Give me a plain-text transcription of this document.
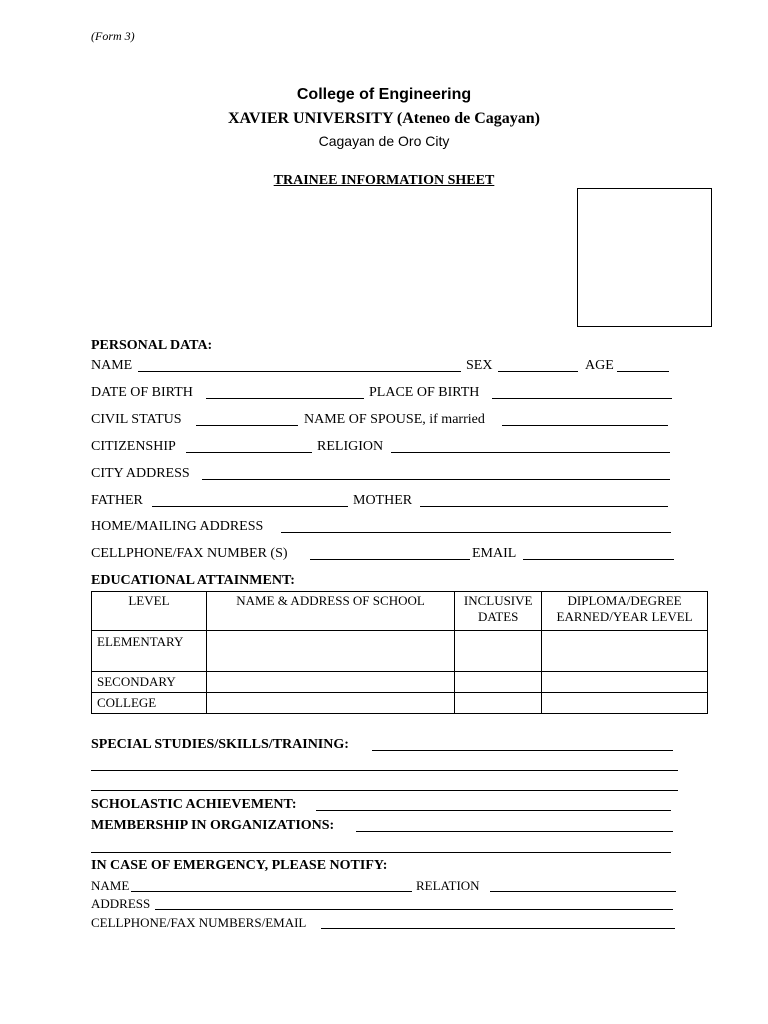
(Form 3)
College of Engineering
XAVIER UNIVERSITY (Ateneo de Cagayan)
Cagayan de Oro City
TRAINEE INFORMATION SHEET
PERSONAL DATA:
NAME	SEX	AGE
DATE OF BIRTH	PLACE OF BIRTH
CIVIL STATUS	NAME OF SPOUSE, if married
CITIZENSHIP	RELIGION
CITY ADDRESS
FATHER	MOTHER
HOME/MAILING ADDRESS
CELLPHONE/FAX NUMBER (S)	EMAIL
EDUCATIONAL ATTAINMENT:
LEVEL	NAME & ADDRESS OF SCHOOL	INCLUSIVE DATES	DIPLOMA/DEGREE EARNED/YEAR LEVEL
ELEMENTARY			
SECONDARY			
COLLEGE			
SPECIAL STUDIES/SKILLS/TRAINING:
SCHOLASTIC ACHIEVEMENT:
MEMBERSHIP IN ORGANIZATIONS:
IN CASE OF EMERGENCY, PLEASE NOTIFY:
NAME	RELATION
ADDRESS
CELLPHONE/FAX NUMBERS/EMAIL
